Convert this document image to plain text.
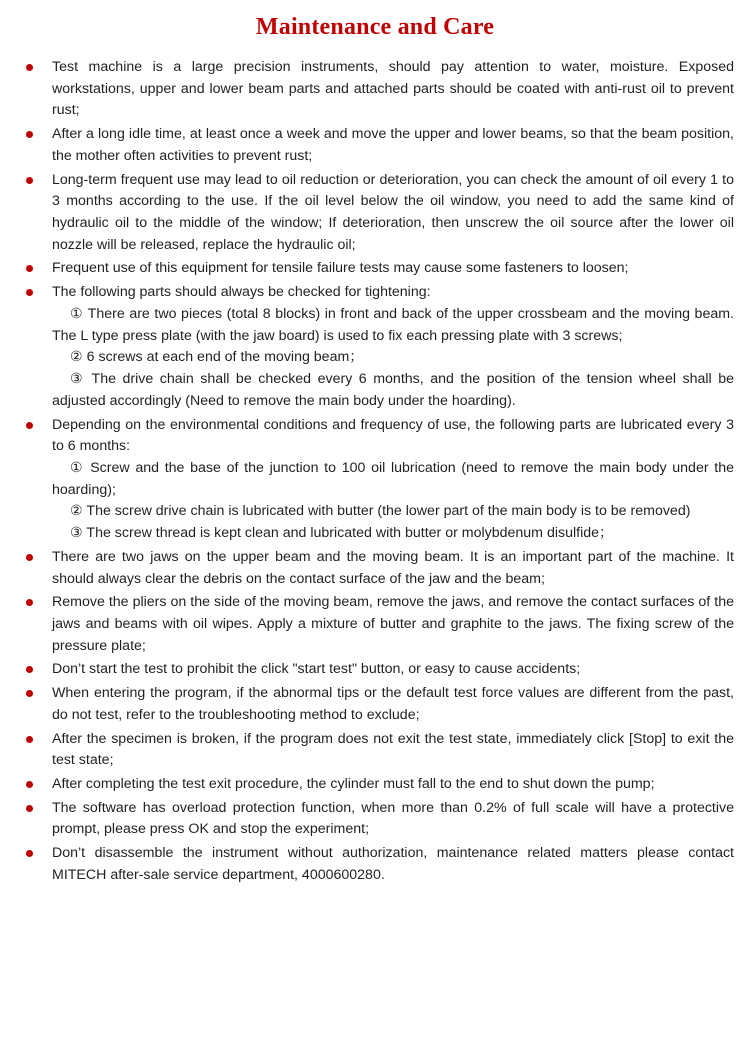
Maintenance and Care
Test machine is a large precision instruments, should pay attention to water, moisture. Exposed workstations, upper and lower beam parts and attached parts should be coated with anti-rust oil to prevent rust;
After a long idle time, at least once a week and move the upper and lower beams, so that the beam position, the mother often activities to prevent rust;
Long-term frequent use may lead to oil reduction or deterioration, you can check the amount of oil every 1 to 3 months according to the use. If the oil level below the oil window, you need to add the same kind of hydraulic oil to the middle of the window; If deterioration, then unscrew the oil source after the lower oil nozzle will be released, replace the hydraulic oil;
Frequent use of this equipment for tensile failure tests may cause some fasteners to loosen;
The following parts should always be checked for tightening:
① There are two pieces (total 8 blocks) in front and back of the upper crossbeam and the moving beam. The L type press plate (with the jaw board) is used to fix each pressing plate with 3 screws;
② 6 screws at each end of the moving beam；
③ The drive chain shall be checked every 6 months, and the position of the tension wheel shall be adjusted accordingly (Need to remove the main body under the hoarding).
Depending on the environmental conditions and frequency of use, the following parts are lubricated every 3 to 6 months:
① Screw and the base of the junction to 100 oil lubrication (need to remove the main body under the hoarding);
② The screw drive chain is lubricated with butter (the lower part of the main body is to be removed)
③ The screw thread is kept clean and lubricated with butter or molybdenum disulfide；
There are two jaws on the upper beam and the moving beam. It is an important part of the machine. It should always clear the debris on the contact surface of the jaw and the beam;
Remove the pliers on the side of the moving beam, remove the jaws, and remove the contact surfaces of the jaws and beams with oil wipes. Apply a mixture of butter and graphite to the jaws. The fixing screw of the pressure plate;
Don’t start the test to prohibit the click "start test" button, or easy to cause accidents;
When entering the program, if the abnormal tips or the default test force values are different from the past, do not test, refer to the troubleshooting method to exclude;
After the specimen is broken, if the program does not exit the test state, immediately click [Stop] to exit the test state;
After completing the test exit procedure, the cylinder must fall to the end to shut down the pump;
The software has overload protection function, when more than 0.2% of full scale will have a protective prompt, please press OK and stop the experiment;
Don’t disassemble the instrument without authorization, maintenance related matters please contact MITECH after-sale service department, 4000600280.
